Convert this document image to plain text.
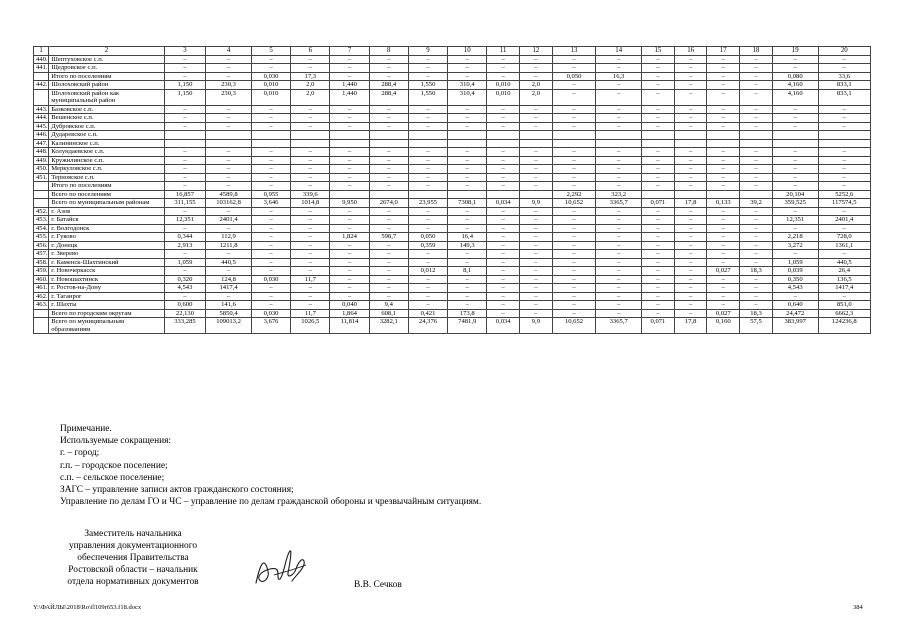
1	2	3	4	5	6	7	8	9	10	11	12	13	14	15	16	17	18	19	20
440.	Шептуховское с.п.	–	–	–	–	–	–	–	–	–	–	–	–	–	–	–	–	–	–
441.	Щедровское с.п.	–	–	–	–	–	–	–	–	–	–	–	–	–	–	–	–	–	–
	Итого по поселениям	–	–	0,030	17,3	–	–	–	–	–	–	0,050	16,3	–	–	–	–	0,080	33,6
442.	Шолоховский район	1,150	230,3	0,010	2,0	1,440	288,4	1,550	310,4	0,010	2,0	–	–	–	–	–	–	4,160	833,1
	Шолоховский район как муниципальный район	1,150	230,3	0,010	2,0	1,440	288,4	1,550	310,4	0,010	2,0	–	–	–	–	–	–	4,160	833,1
443.	Базковское с.п.	–	–	–	–	–	–	–	–	–	–	–	–	–	–	–	–	–	–
444.	Вешенское с.п.	–	–	–	–	–	–	–	–	–	–	–	–	–	–	–	–	–	–
445.	Дубровское с.п.	–	–	–	–	–	–	–	–	–	–	–	–	–	–	–	–	–	–
446.	Дударевское с.п.																		
447.	Калининское с.п.																		
448.	Колундаевское с.п.	–	–	–	–	–	–	–	–	–	–	–	–	–	–	–	–	–	–
449.	Кружилинское с.п.	–	–	–	–	–	–	–	–	–	–	–	–	–	–	–	–	–	–
450.	Меркуловское с.п.	–	–	–	–	–	–	–	–	–	–	–	–	–	–	–	–	–	–
451.	Терновское с.п.	–	–	–	–	–	–	–	–	–	–	–	–	–	–	–	–	–	–
	Итого по поселениям	–	–	–	–	–	–	–	–	–	–	–	–	–	–	–	–	–	–
	Всего по поселениям	16,857	4589,8	0,955	339,6							2,292	323,2					20,104	5252,6
	Всего по муниципальным районам	311,155	103162,8	3,646	1014,8	9,950	2674,0	23,955	7308,1	0,034	9,9	10,652	3365,7	0,071	17,8	0,133	39,2	359,525	117574,5
452.	г. Азов	–	–	–	–	–	–	–	–	–	–	–	–	–	–	–	–	–	–
453.	г. Батайск	12,351	2401,4	–	–	–	–	–	–	–	–	–	–	–	–	–	–	12,351	2401,4
454.	г. Волгодонск	–	–	–	–	–	–	–	–	–	–	–	–	–	–	–	–	–	–
455.	г. Гуково	0,344	112,9	–	–	1,824	598,7	0,050	16,4	–	–	–	–	–	–	–	–	2,218	728,0
456.	г. Донецк	2,913	1211,8	–	–	–	–	0,359	149,3	–	–	–	–	–	–	–	–	3,272	1361,1
457.	г. Зверево	–	–	–	–	–	–	–	–	–	–	–	–	–	–	–	–	–	–
458.	г. Каменск-Шахтинский	1,059	440,5	–	–	–	–	–	–	–	–	–	–	–	–	–	–	1,059	440,5
459.	г. Новочеркасск	–	–	–	–	–	–	0,012	8,1	–	–	–	–	–	–	0,027	18,3	0,039	26,4
460.	г. Новошахтинск	0,320	124,8	0,030	11,7	–	–	–	–	–	–	–	–	–	–	–	–	0,350	136,5
461.	г. Ростов-на-Дону	4,543	1417,4	–	–	–	–	–	–	–	–	–	–	–	–	–	–	4,543	1417,4
462.	г. Таганрог	–	–	–	–	–	–	–	–	–	–	–	–	–	–	–	–	–	–
463.	г. Шахты	0,600	141,6	–	–	0,040	9,4	–	–	–	–	–	–	–	–	–	–	0,640	851,0
	Всего по городским округам	22,130	5850,4	0,030	11,7	1,864	608,1	0,421	173,8	–	–	–	–	–	–	0,027	18,3	24,472	6662,3
	Всего по муниципальным образованиям	333,285	109013,2	3,676	1026,5	11,814	3282,1	24,376	7481,9	0,034	9,9	10,652	3365,7	0,071	17,8	0,160	57,5	383,997	124236,8
Примечание.
Используемые сокращения:
г. – город;
г.п. – городское поселение;
с.п. – сельское поселение;
ЗАГС – управление записи актов гражданского состояния;
Управление по делам ГО и ЧС – управление по делам гражданской обороны и чрезвычайным ситуациям.
Заместитель начальника
управления документационного
обеспечения Правительства
Ростовской области – начальник
отдела нормативных документов	В.В. Сечков
Y:\ФАЙЛЫ\2018\Ro\fl109r653.f18.docx	384
